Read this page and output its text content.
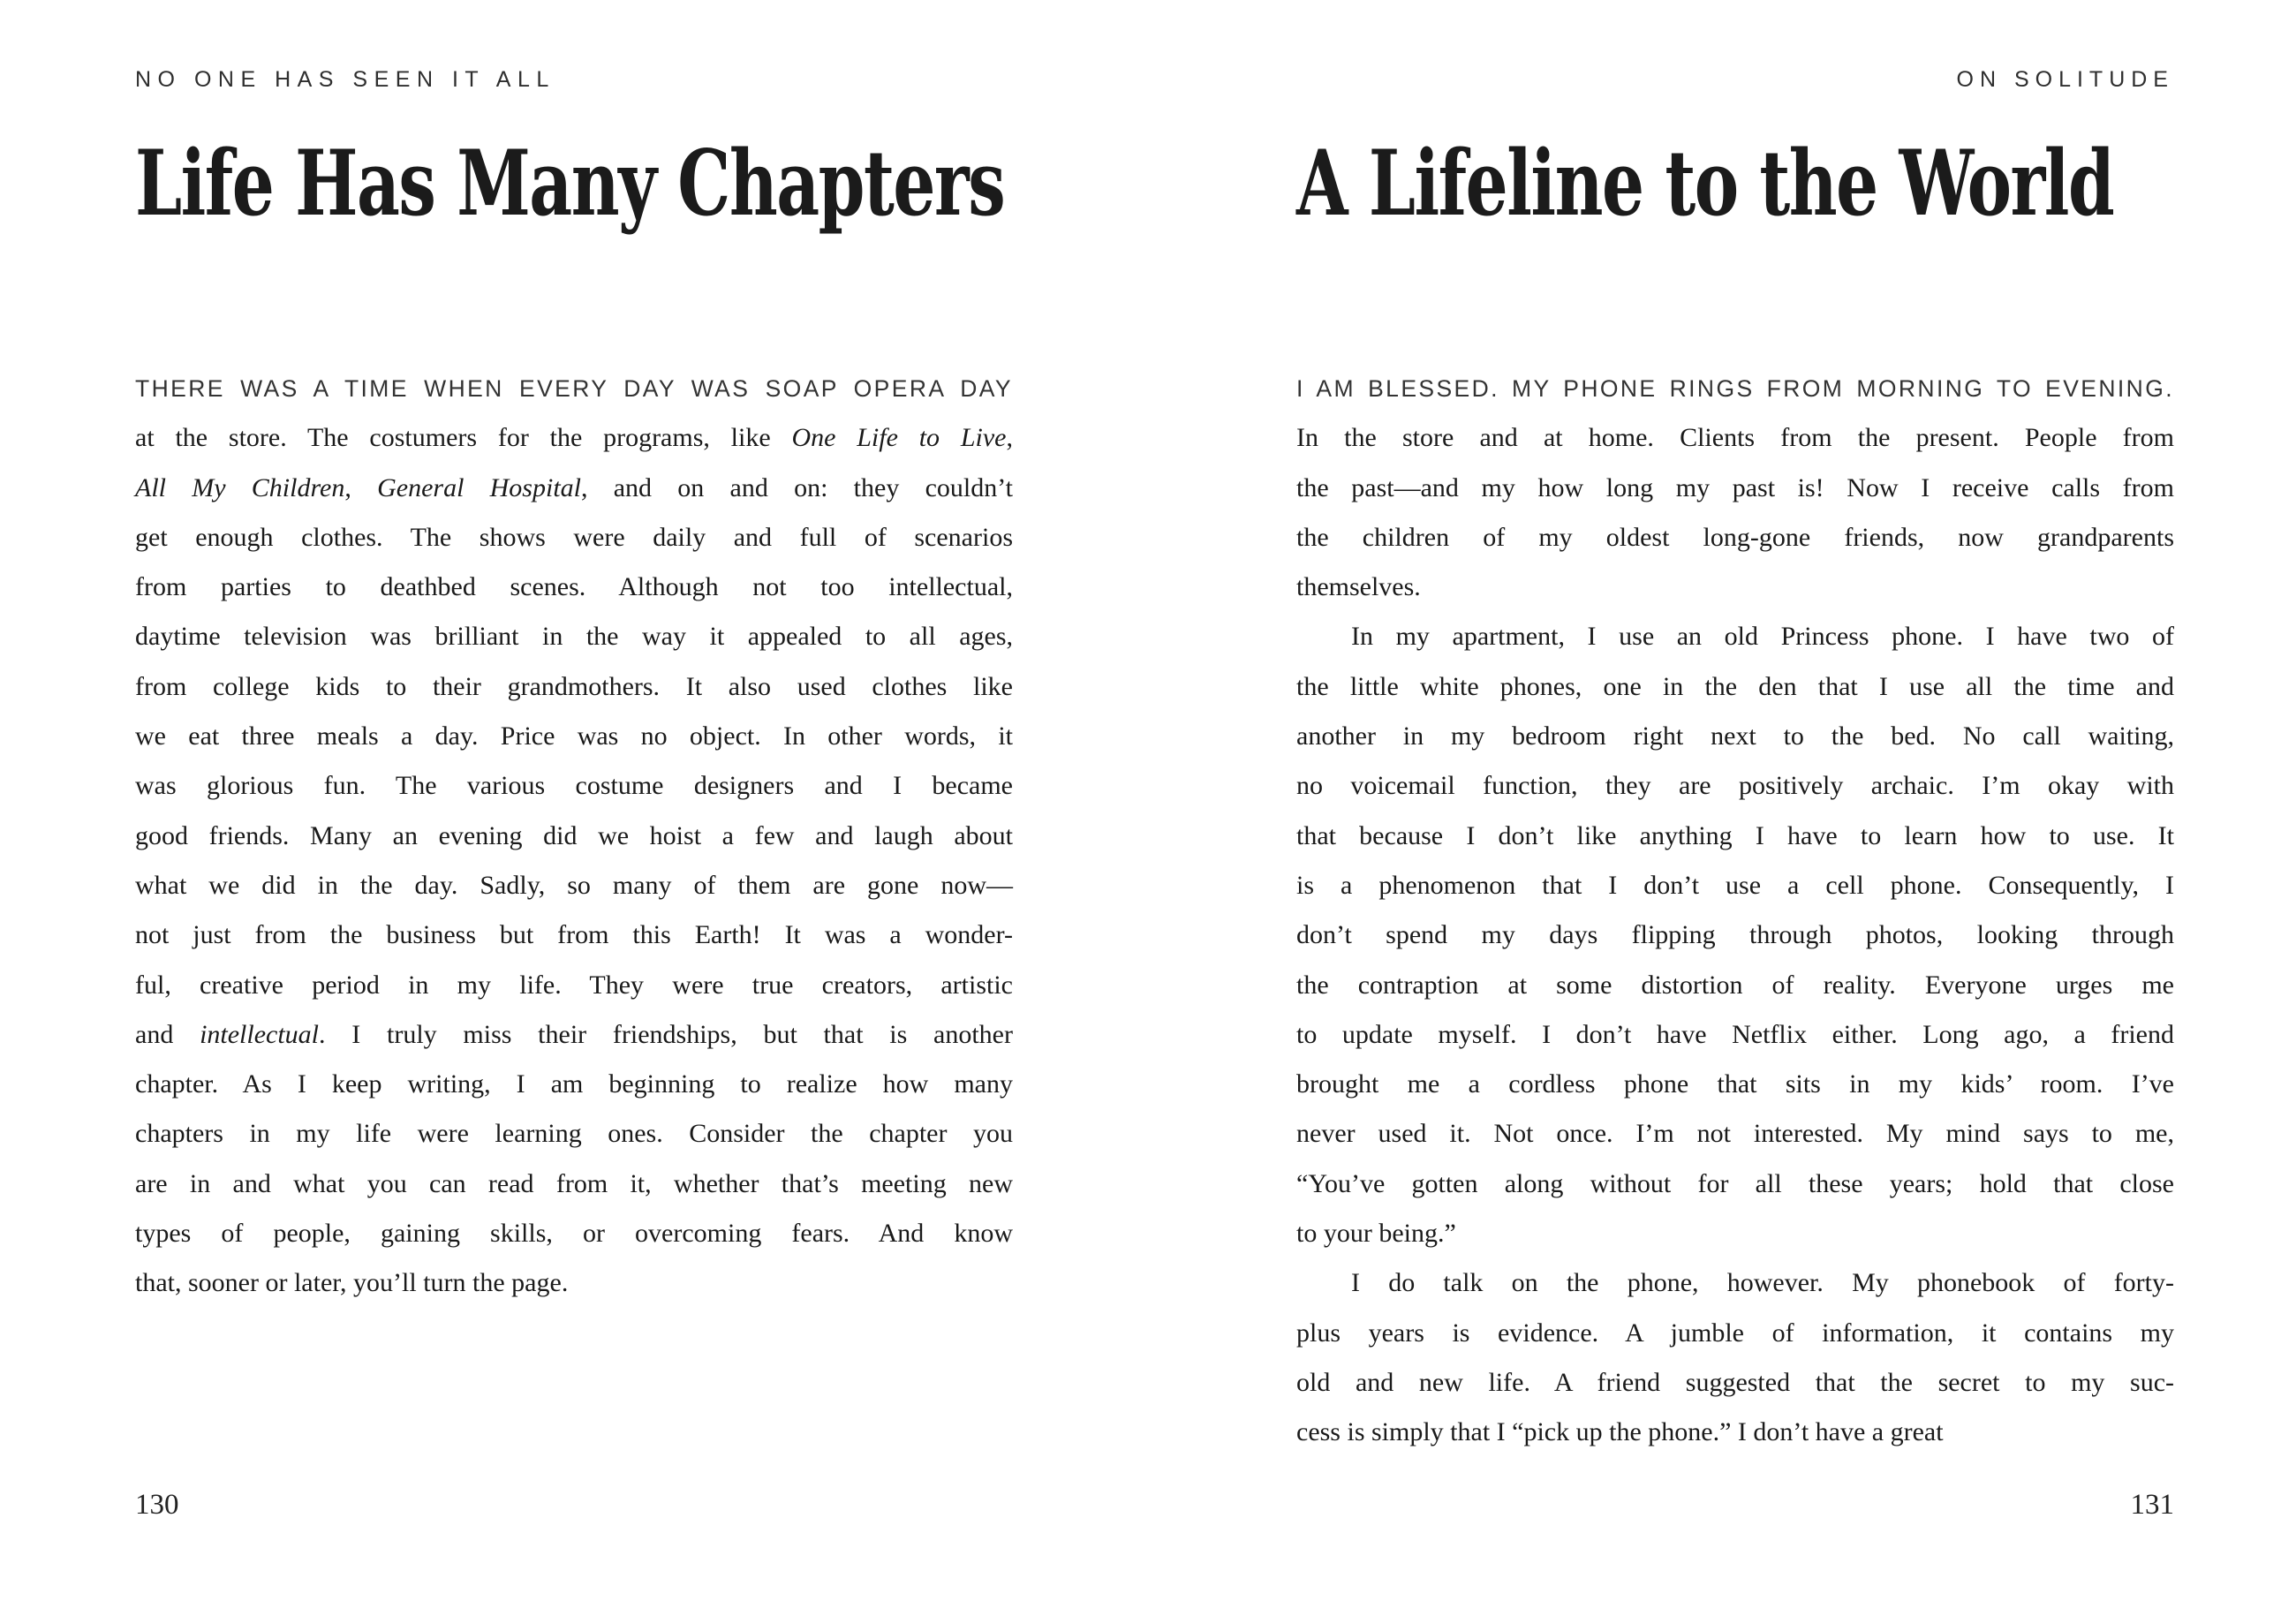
NO ONE HAS SEEN IT ALL
Life Has Many Chapters
THERE WAS A TIME WHEN EVERY DAY WAS SOAP OPERA DAY
at the store. The costumers for the programs, like One Life to Live,
All My Children, General Hospital, and on and on: they couldn’t
get enough clothes. The shows were daily and full of scenarios
from parties to deathbed scenes. Although not too intellectual,
daytime television was brilliant in the way it appealed to all ages,
from college kids to their grandmothers. It also used clothes like
we eat three meals a day. Price was no object. In other words, it
was glorious fun. The various costume designers and I became
good friends. Many an evening did we hoist a few and laugh about
what we did in the day. Sadly, so many of them are gone now—
not just from the business but from this Earth! It was a wonder-
ful, creative period in my life. They were true creators, artistic
and intellectual. I truly miss their friendships, but that is another
chapter. As I keep writing, I am beginning to realize how many
chapters in my life were learning ones. Consider the chapter you
are in and what you can read from it, whether that’s meeting new
types of people, gaining skills, or overcoming fears. And know
that, sooner or later, you’ll turn the page.
130
ON SOLITUDE
A Lifeline to the World
I AM BLESSED. MY PHONE RINGS FROM MORNING TO EVENING.
In the store and at home. Clients from the present. People from
the past—and my how long my past is! Now I receive calls from
the children of my oldest long-gone friends, now grandparents
themselves.
In my apartment, I use an old Princess phone. I have two of
the little white phones, one in the den that I use all the time and
another in my bedroom right next to the bed. No call waiting,
no voicemail function, they are positively archaic. I’m okay with
that because I don’t like anything I have to learn how to use. It
is a phenomenon that I don’t use a cell phone. Consequently, I
don’t spend my days flipping through photos, looking through
the contraption at some distortion of reality. Everyone urges me
to update myself. I don’t have Netflix either. Long ago, a friend
brought me a cordless phone that sits in my kids’ room. I’ve
never used it. Not once. I’m not interested. My mind says to me,
“You’ve gotten along without for all these years; hold that close
to your being.”
I do talk on the phone, however. My phonebook of forty-
plus years is evidence. A jumble of information, it contains my
old and new life. A friend suggested that the secret to my suc-
cess is simply that I “pick up the phone.” I don’t have a great
131
